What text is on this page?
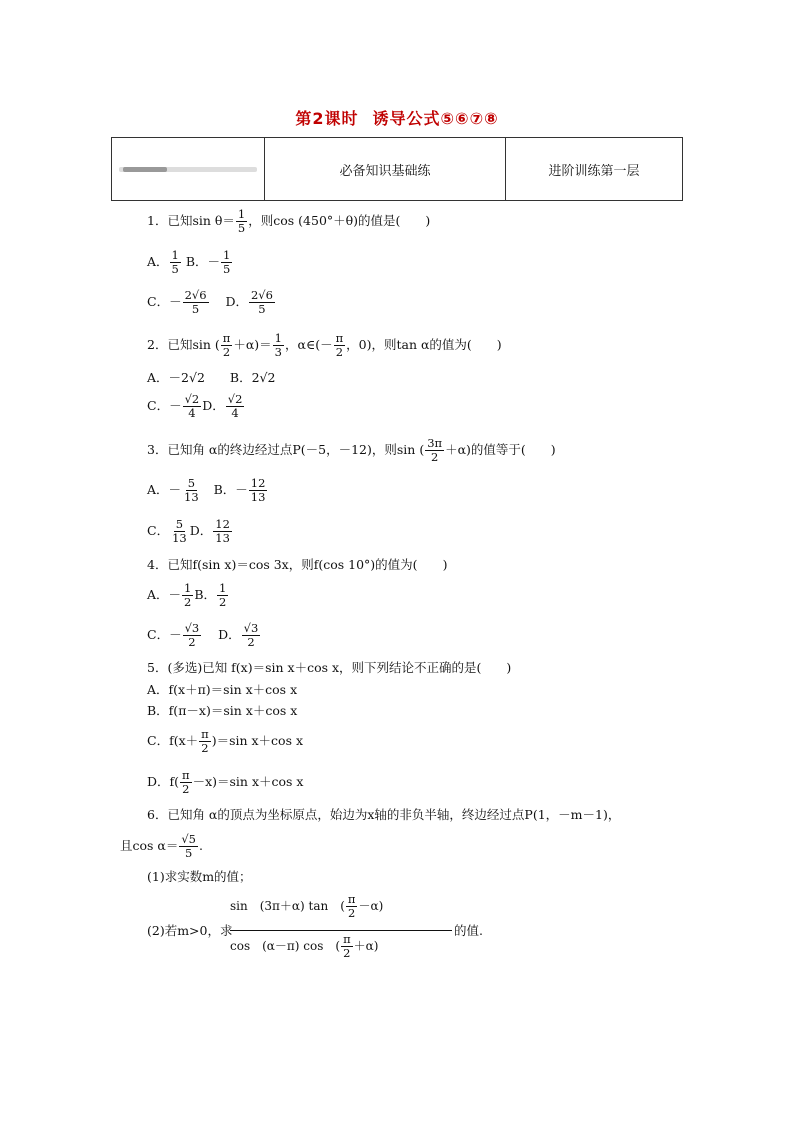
第2课时 诱导公式⑤⑥⑦⑧
	必备知识基础练	进阶训练第一层
1．已知$\sin \theta= \frac{1}{5}$ ，则cos (450°＋θ)的值是(　　)
A． $\frac{1}{5}$ B．－ $\frac{1}{5}$
C．－ $\frac{2√6}{5}$ D． $\frac{2√6}{5}$
2．已知sin ( $\frac{\pi}{2} +\alpha)= \frac{1}{3}$ ，α∈(－ $\frac{\pi}{2}$ ，0)，则tan α的值为(　　)
A．－2√2　　B．2√2
C．－ $\frac{√2}{4}$ D． $\frac{√2}{4}$
3．已知角 α的终边经过点P(－5，－12)，则sin ( $\frac{3\pi}{2} +\alpha$)的值等于(　　)
A．－ $\frac{5}{13}$ B．－ $\frac{12}{13}$
C． $\frac{5}{13}$ D． $\frac{12}{13}$
4．已知f(sin x)＝cos 3x，则f(cos 10°)的值为(　　)
A．－ $\frac{1}{2}$ B． $\frac{1}{2}$
C．－ $\frac{√3}{2}$ D． $\frac{√3}{2}$
5．(多选)已知 f(x)＝sin x＋cos x，则下列结论不正确的是(　　)
A．f(x＋π)＝sin x＋cos x
B．f(π－x)＝sin x＋cos x
C．$f(x+ \frac{\pi}{2} )=\sin$ x＋cos x
D．$f( \frac{\pi}{2} -x)=\sin$ x＋cos x
6．已知角 α的顶点为坐标原点，始边为x轴的非负半轴，终边经过点P(1，－m－1)，
且$\cos \alpha= \frac{√5}{5}$ .
(1)求实数m的值；
(2)若m>0，求
$\frac{\sin (3\pi+\alpha) \tan ( \frac{\pi}{2} -\alpha)}{\cos (\alpha-\pi) \cos ( \frac{\pi}{2} +\alpha)}$ 的值.
